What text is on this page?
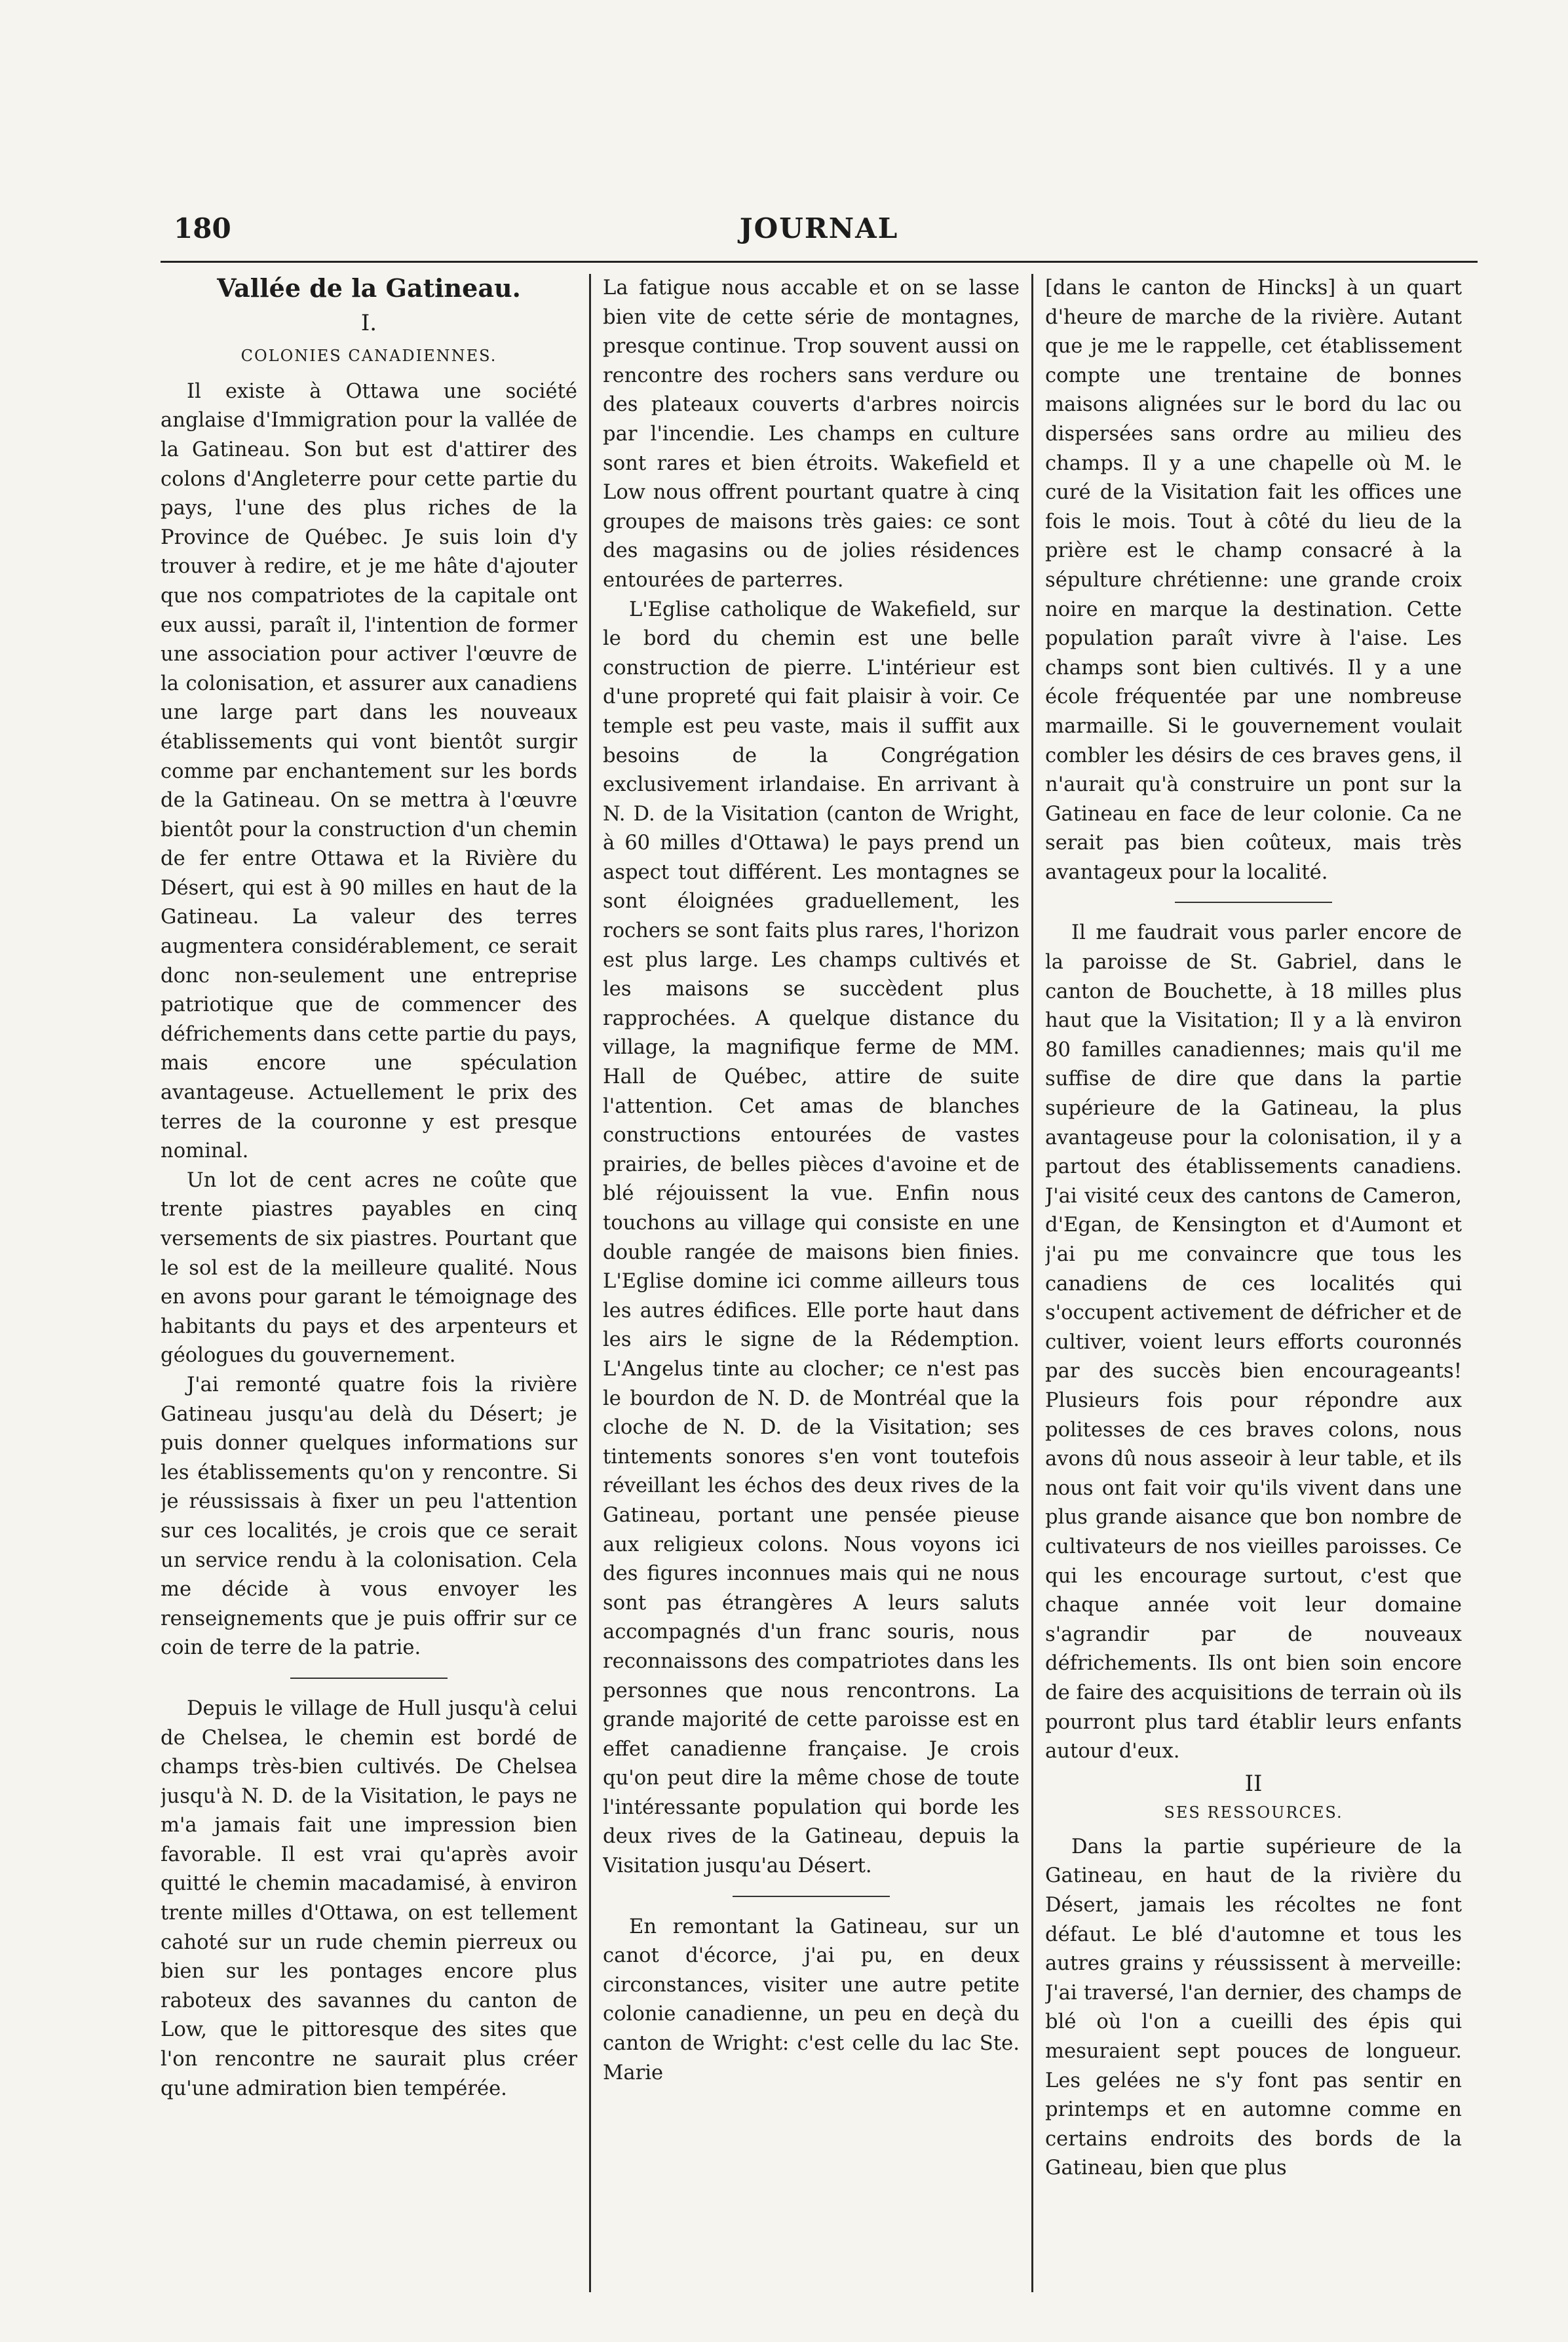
180	JOURNAL
Vallée de la Gatineau.
I.
COLONIES CANADIENNES.

Il existe à Ottawa une société anglaise d'Immigration pour la vallée de la Gatineau. Son but est d'attirer des colons d'Angleterre pour cette partie du pays, l'une des plus riches de la Province de Québec. Je suis loin d'y trouver à redire, et je me hâte d'ajouter que nos compatriotes de la capitale ont eux aussi, paraît il, l'intention de former une association pour activer l'œuvre de la colonisation, et assurer aux canadiens une large part dans les nouveaux établissements qui vont bientôt surgir comme par enchantement sur les bords de la Gatineau. On se mettra à l'œuvre bientôt pour la construction d'un chemin de fer entre Ottawa et la Rivière du Désert, qui est à 90 milles en haut de la Gatineau. La valeur des terres augmentera considérablement, ce serait donc non-seulement une entreprise patriotique que de commencer des défrichements dans cette partie du pays, mais encore une spéculation avantageuse. Actuellement le prix des terres de la couronne y est presque nominal.

Un lot de cent acres ne coûte que trente piastres payables en cinq versements de six piastres. Pourtant que le sol est de la meilleure qualité. Nous en avons pour garant le témoignage des habitants du pays et des arpenteurs et géologues du gouvernement.

J'ai remonté quatre fois la rivière Gatineau jusqu'au delà du Désert; je puis donner quelques informations sur les établissements qu'on y rencontre. Si je réussissais à fixer un peu l'attention sur ces localités, je crois que ce serait un service rendu à la colonisation. Cela me décide à vous envoyer les renseignements que je puis offrir sur ce coin de terre de la patrie.

Depuis le village de Hull jusqu'à celui de Chelsea, le chemin est bordé de champs très-bien cultivés. De Chelsea jusqu'à N. D. de la Visitation, le pays ne m'a jamais fait une impression bien favorable. Il est vrai qu'après avoir quitté le chemin macadamisé, à environ trente milles d'Ottawa, on est tellement cahoté sur un rude chemin pierreux ou bien sur les pontages encore plus raboteux des savannes du canton de Low, que le pittoresque des sites que l'on rencontre ne saurait plus créer qu'une admiration bien tempérée.

La fatigue nous accable et on se lasse bien vite de cette série de montagnes, presque continue. Trop souvent aussi on rencontre des rochers sans verdure ou des plateaux couverts d'arbres noircis par l'incendie. Les champs en culture sont rares et bien étroits. Wakefield et Low nous offrent pourtant quatre à cinq groupes de maisons très gaies: ce sont des magasins ou de jolies résidences entourées de parterres.

L'Eglise catholique de Wakefield, sur le bord du chemin est une belle construction de pierre. L'intérieur est d'une propreté qui fait plaisir à voir. Ce temple est peu vaste, mais il suffit aux besoins de la Congrégation exclusivement irlandaise. En arrivant à N. D. de la Visitation (canton de Wright, à 60 milles d'Ottawa) le pays prend un aspect tout différent. Les montagnes se sont éloignées graduellement, les rochers se sont faits plus rares, l'horizon est plus large. Les champs cultivés et les maisons se succèdent plus rapprochées. A quelque distance du village, la magnifique ferme de MM. Hall de Québec, attire de suite l'attention. Cet amas de blanches constructions entourées de vastes prairies, de belles pièces d'avoine et de blé réjouissent la vue. Enfin nous touchons au village qui consiste en une double rangée de maisons bien finies. L'Eglise domine ici comme ailleurs tous les autres édifices. Elle porte haut dans les airs le signe de la Rédemption. L'Angelus tinte au clocher; ce n'est pas le bourdon de N. D. de Montréal que la cloche de N. D. de la Visitation; ses tintements sonores s'en vont toutefois réveillant les échos des deux rives de la Gatineau, portant une pensée pieuse aux religieux colons. Nous voyons ici des figures inconnues mais qui ne nous sont pas étrangères A leurs saluts accompagnés d'un franc souris, nous reconnaissons des compatriotes dans les personnes que nous rencontrons. La grande majorité de cette paroisse est en effet canadienne française. Je crois qu'on peut dire la même chose de toute l'intéressante population qui borde les deux rives de la Gatineau, depuis la Visitation jusqu'au Désert.

En remontant la Gatineau, sur un canot d'écorce, j'ai pu, en deux circonstances, visiter une autre petite colonie canadienne, un peu en deçà du canton de Wright: c'est celle du lac Ste. Marie

[dans le canton de Hincks] à un quart d'heure de marche de la rivière. Autant que je me le rappelle, cet établissement compte une trentaine de bonnes maisons alignées sur le bord du lac ou dispersées sans ordre au milieu des champs. Il y a une chapelle où M. le curé de la Visitation fait les offices une fois le mois. Tout à côté du lieu de la prière est le champ consacré à la sépulture chrétienne: une grande croix noire en marque la destination. Cette population paraît vivre à l'aise. Les champs sont bien cultivés. Il y a une école fréquentée par une nombreuse marmaille. Si le gouvernement voulait combler les désirs de ces braves gens, il n'aurait qu'à construire un pont sur la Gatineau en face de leur colonie. Ca ne serait pas bien coûteux, mais très avantageux pour la localité.

Il me faudrait vous parler encore de la paroisse de St. Gabriel, dans le canton de Bouchette, à 18 milles plus haut que la Visitation; Il y a là environ 80 familles canadiennes; mais qu'il me suffise de dire que dans la partie supérieure de la Gatineau, la plus avantageuse pour la colonisation, il y a partout des établissements canadiens. J'ai visité ceux des cantons de Cameron, d'Egan, de Kensington et d'Aumont et j'ai pu me convaincre que tous les canadiens de ces localités qui s'occupent activement de défricher et de cultiver, voient leurs efforts couronnés par des succès bien encourageants! Plusieurs fois pour répondre aux politesses de ces braves colons, nous avons dû nous asseoir à leur table, et ils nous ont fait voir qu'ils vivent dans une plus grande aisance que bon nombre de cultivateurs de nos vieilles paroisses. Ce qui les encourage surtout, c'est que chaque année voit leur domaine s'agrandir par de nouveaux défrichements. Ils ont bien soin encore de faire des acquisitions de terrain où ils pourront plus tard établir leurs enfants autour d'eux.

II
SES RESSOURCES.

Dans la partie supérieure de la Gatineau, en haut de la rivière du Désert, jamais les récoltes ne font défaut. Le blé d'automne et tous les autres grains y réussissent à merveille: J'ai traversé, l'an dernier, des champs de blé où l'on a cueilli des épis qui mesuraient sept pouces de longueur. Les gelées ne s'y font pas sentir en printemps et en automne comme en certains endroits des bords de la Gatineau, bien que plus
